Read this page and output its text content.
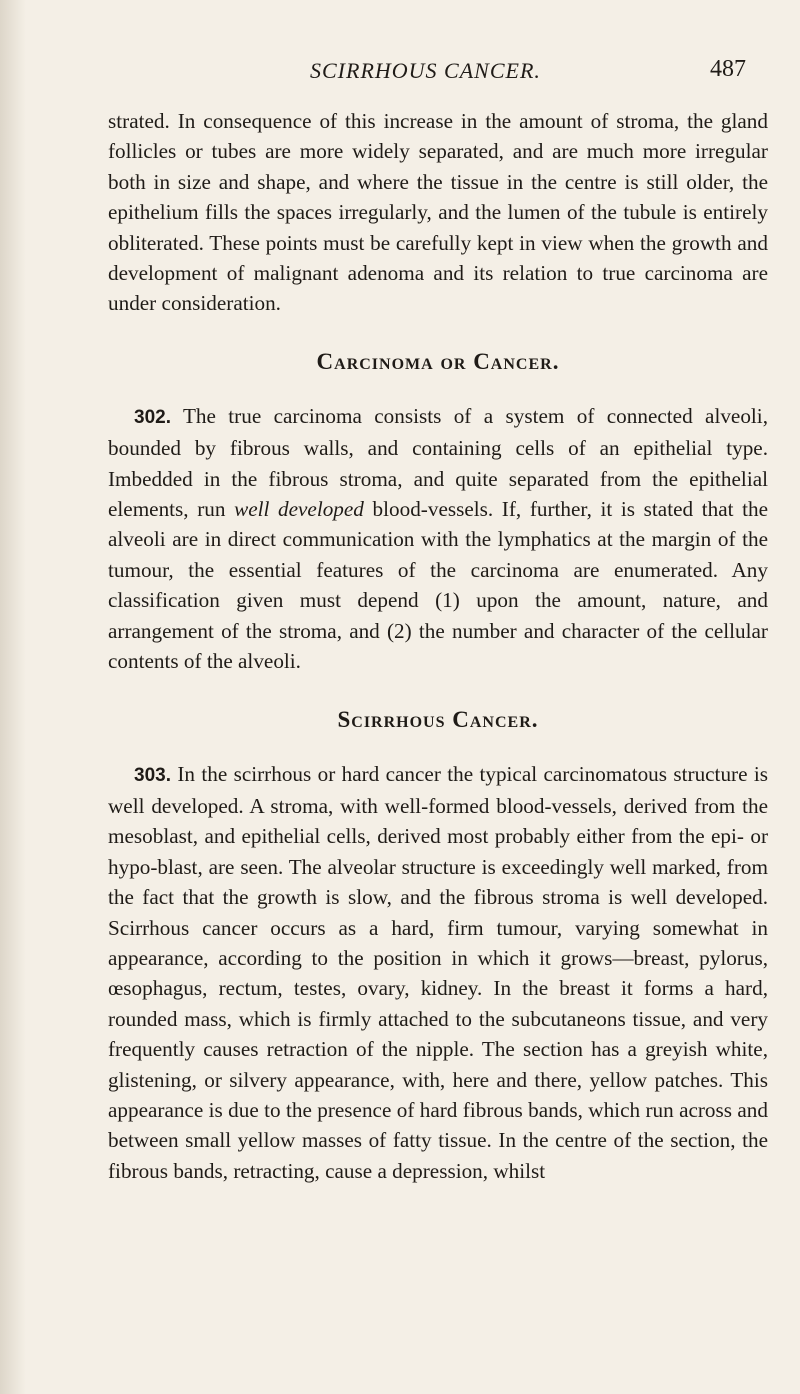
SCIRRHOUS CANCER.	487

strated. In consequence of this increase in the amount of stroma, the gland follicles or tubes are more widely separated, and are much more irregular both in size and shape, and where the tissue in the centre is still older, the epithelium fills the spaces irregularly, and the lumen of the tubule is entirely obliterated. These points must be carefully kept in view when the growth and development of malignant adenoma and its relation to true carcinoma are under consideration.

Carcinoma or Cancer.

302. The true carcinoma consists of a system of connected alveoli, bounded by fibrous walls, and containing cells of an epithelial type. Imbedded in the fibrous stroma, and quite separated from the epithelial elements, run well developed blood-vessels. If, further, it is stated that the alveoli are in direct communication with the lymphatics at the margin of the tumour, the essential features of the carcinoma are enumerated. Any classification given must depend (1) upon the amount, nature, and arrangement of the stroma, and (2) the number and character of the cellular contents of the alveoli.

Scirrhous Cancer.

303. In the scirrhous or hard cancer the typical carcinomatous structure is well developed. A stroma, with well-formed blood-vessels, derived from the mesoblast, and epithelial cells, derived most probably either from the epi- or hypo-blast, are seen. The alveolar structure is exceedingly well marked, from the fact that the growth is slow, and the fibrous stroma is well developed. Scirrhous cancer occurs as a hard, firm tumour, varying somewhat in appearance, according to the position in which it grows—breast, pylorus, œsophagus, rectum, testes, ovary, kidney. In the breast it forms a hard, rounded mass, which is firmly attached to the subcutaneons tissue, and very frequently causes retraction of the nipple. The section has a greyish white, glistening, or silvery appearance, with, here and there, yellow patches. This appearance is due to the presence of hard fibrous bands, which run across and between small yellow masses of fatty tissue. In the centre of the section, the fibrous bands, retracting, cause a depression, whilst
